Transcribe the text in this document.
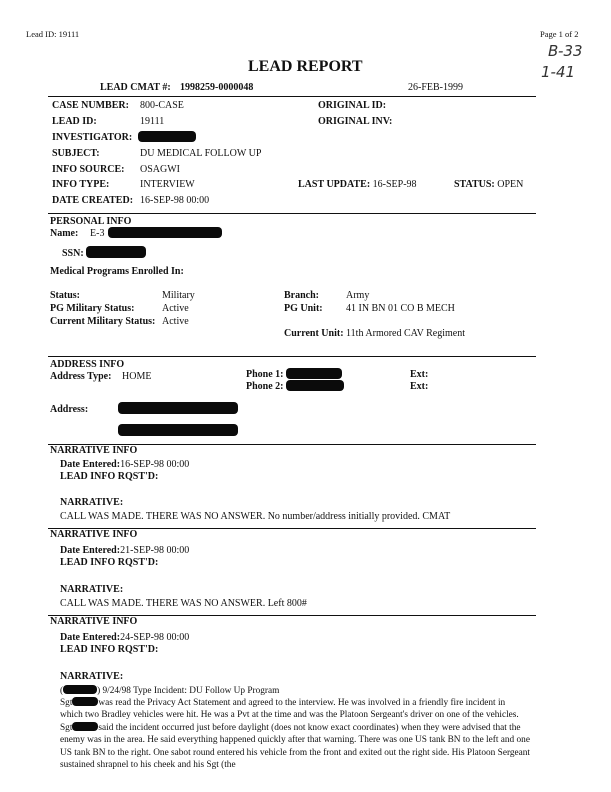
Lead ID: 19111	Page 1 of 2
B-33
1-41
LEAD REPORT
LEAD CMAT #: 1998259-0000048	26-FEB-1999
CASE NUMBER: 800-CASE
LEAD ID:	19111
INVESTIGATOR:
SUBJECT:	DU MEDICAL FOLLOW UP
INFO SOURCE: OSAGWI
INFO TYPE:	INTERVIEW
DATE CREATED: 16-SEP-98 00:00
ORIGINAL ID:
ORIGINAL INV:
LAST UPDATE: 16-SEP-98	STATUS: OPEN
PERSONAL INFO
Name: E-3
SSN:
Medical Programs Enrolled In:
Status:	Military
PG Military Status:	Active
Current Military Status: Active
Branch:	Army
PG Unit: 41 IN BN 01 CO B MECH
Current Unit: 11th Armored CAV Regiment
ADDRESS INFO
Address Type: HOME	Phone 1:
Phone 2:
Ext:
Ext:
Address:
NARRATIVE INFO
Date Entered:16-SEP-98 00:00
LEAD INFO RQST'D:
NARRATIVE:
CALL WAS MADE. THERE WAS NO ANSWER. No number/address initially provided. CMAT
NARRATIVE INFO
Date Entered:21-SEP-98 00:00
LEAD INFO RQST'D:
NARRATIVE:
CALL WAS MADE. THERE WAS NO ANSWER. Left 800#
NARRATIVE INFO
Date Entered:24-SEP-98 00:00
LEAD INFO RQST'D:
NARRATIVE:
(	) 9/24/98 Type Incident: DU Follow Up Program
Sgt	was read the Privacy Act Statement and agreed to the interview. He was involved in a friendly fire incident in which two Bradley vehicles were hit. He was a Pvt at the time and was the Platoon Sergeant's driver on one of the vehicles. Sgt	said the incident occurred just before daylight (does not know exact coordinates) when they were advised that the enemy was in the area. He said everything happened quickly after that warning. There was one US tank BN to the left and one US tank BN to the right. One sabot round entered his vehicle from the front and exited out the right side. His Platoon Sergeant sustained shrapnel to his cheek and his Sgt (the
